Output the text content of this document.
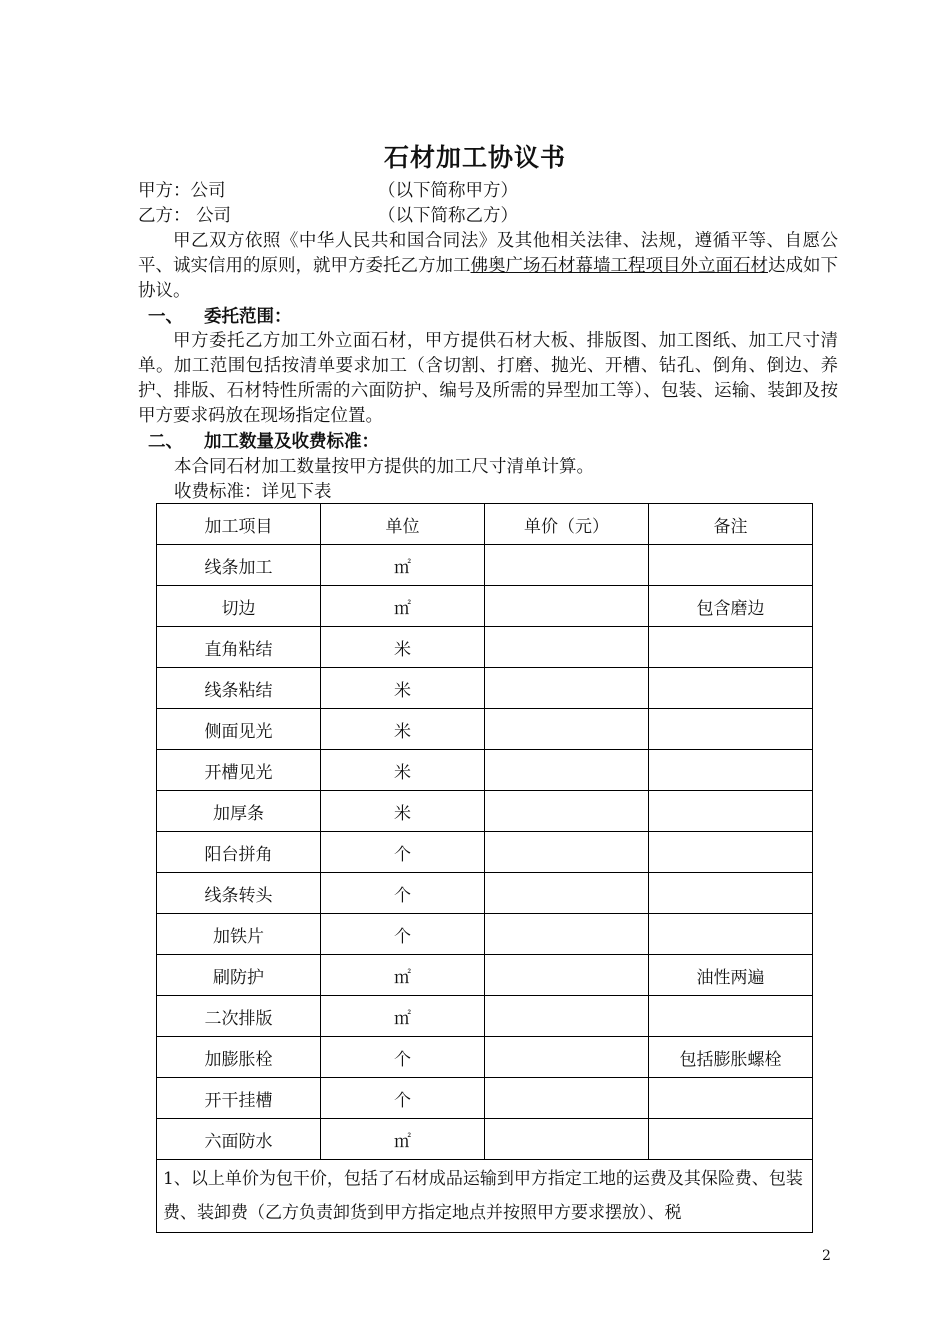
石材加工协议书
甲方：公司	（以下简称甲方）
乙方： 公司	（以下简称乙方）
甲乙双方依照《中华人民共和国合同法》及其他相关法律、法规，遵循平等、自愿公平、诚实信用的原则，就甲方委托乙方加工佛奥广场石材幕墙工程项目外立面石材达成如下协议。
一、 委托范围：
甲方委托乙方加工外立面石材，甲方提供石材大板、排版图、加工图纸、加工尺寸清单。加工范围包括按清单要求加工（含切割、打磨、抛光、开槽、钻孔、倒角、倒边、养护、排版、石材特性所需的六面防护、编号及所需的异型加工等）、包装、运输、装卸及按甲方要求码放在现场指定位置。
二、 加工数量及收费标准：
本合同石材加工数量按甲方提供的加工尺寸清单计算。
收费标准：详见下表
加工项目	单位	单价（元）	备注
线条加工	㎡		
切边	㎡		包含磨边
直角粘结	米		
线条粘结	米		
侧面见光	米		
开槽见光	米		
加厚条	米		
阳台拼角	个		
线条转头	个		
加铁片	个		
刷防护	㎡		油性两遍
二次排版	㎡		
加膨胀栓	个		包括膨胀螺栓
开干挂槽	个		
六面防水	㎡		
1、以上单价为包干价，包括了石材成品运输到甲方指定工地的运费及其保险费、包装费、装卸费（乙方负责卸货到甲方指定地点并按照甲方要求摆放）、税			
2
